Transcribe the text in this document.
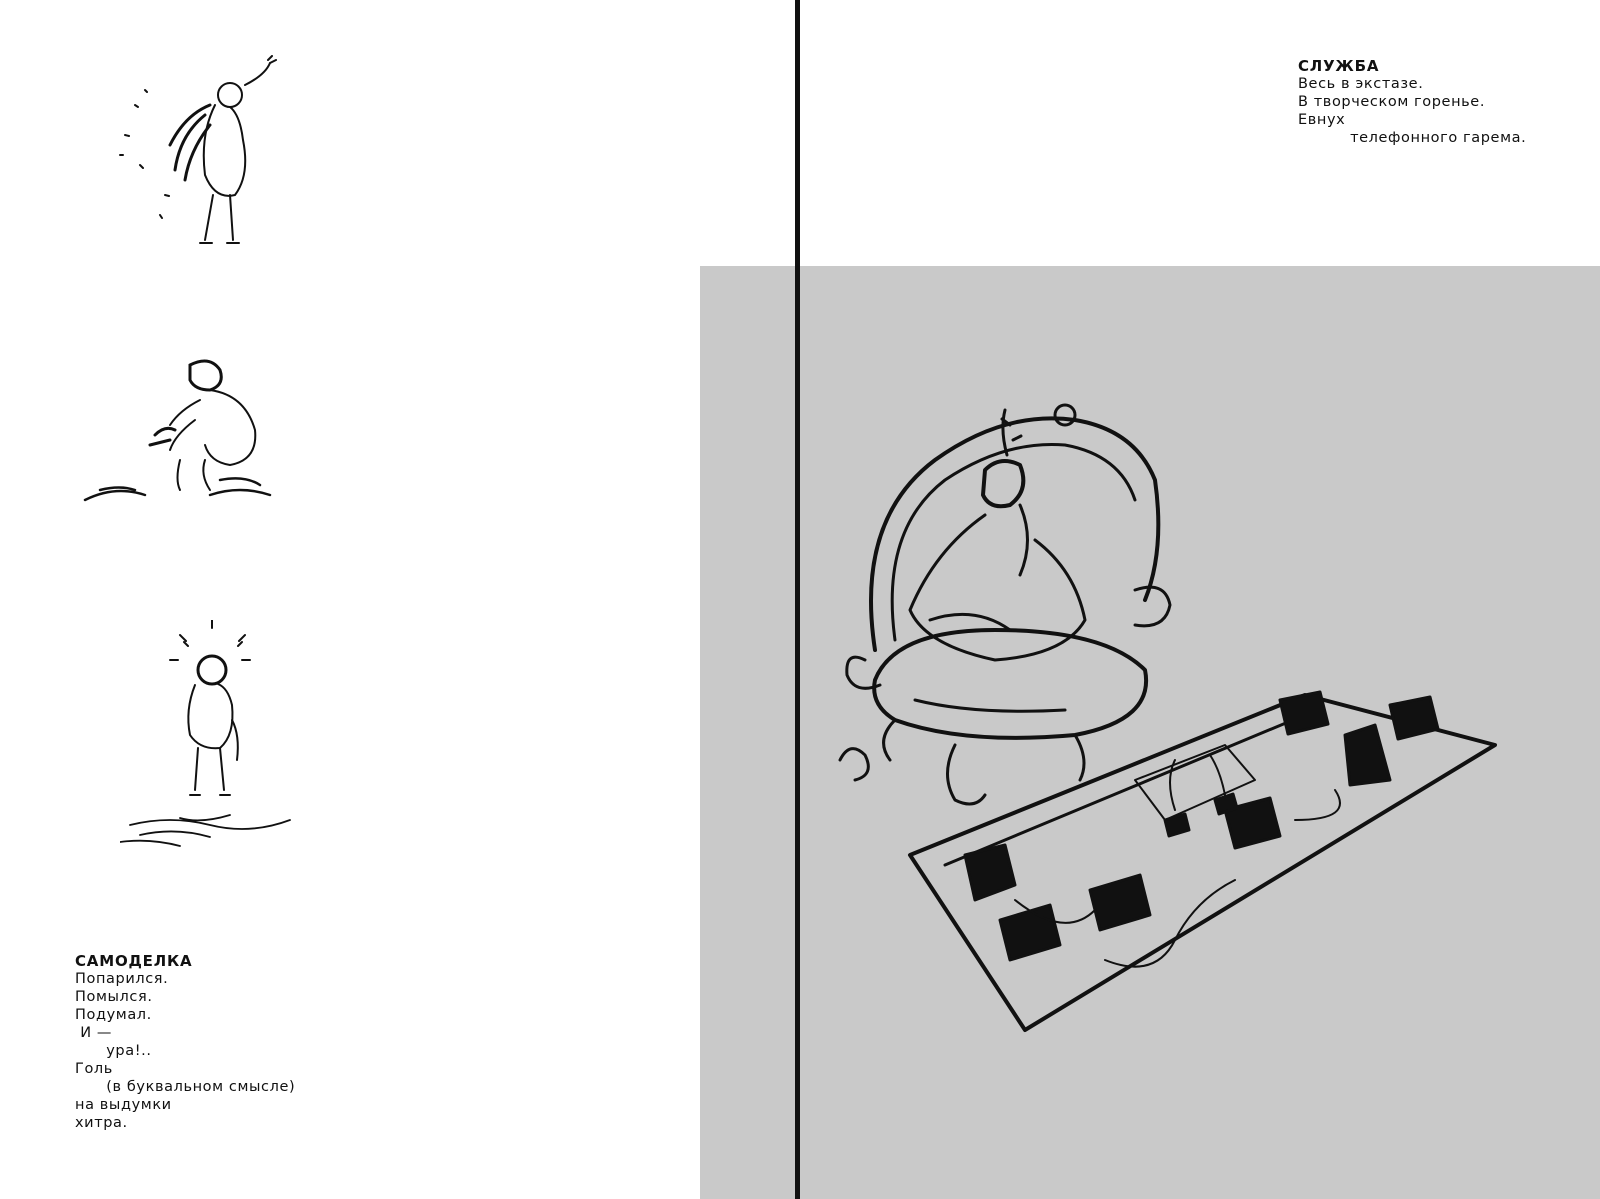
САМОДЕЛКА
Попарился.
Помылся.
Подумал.
И —
ура!..
Голь
(в буквальном смысле)
на выдумки
хитра.
СЛУЖБА
Весь в экстазе.
В творческом горенье.
Евнух
телефонного гарема.
